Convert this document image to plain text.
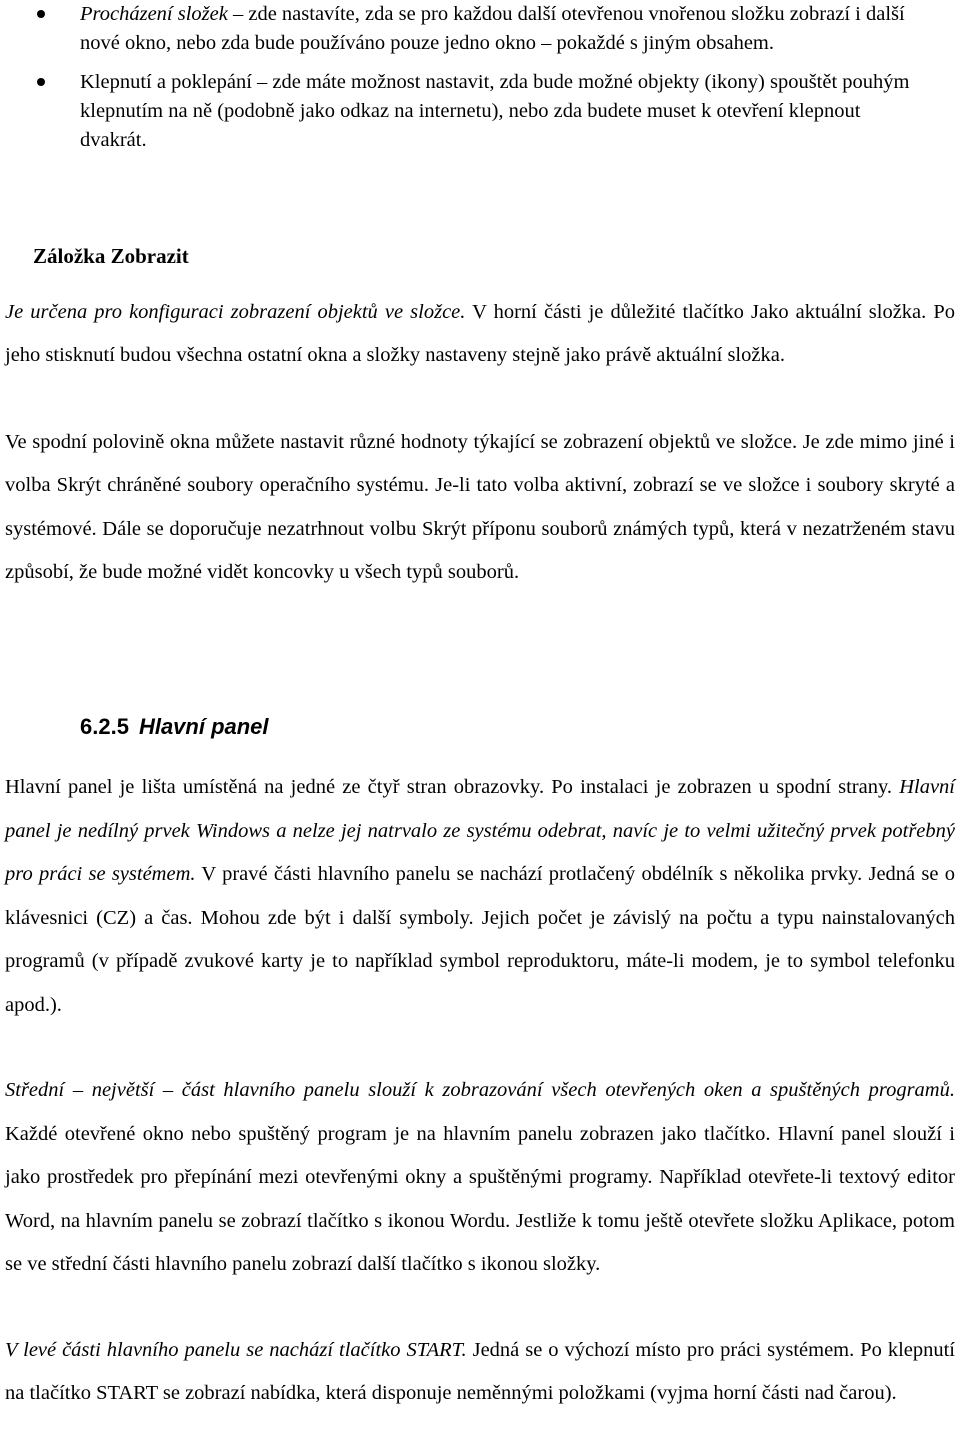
Procházení složek – zde nastavíte, zda se pro každou další otevřenou vnořenou složku zobrazí i další nové okno, nebo zda bude používáno pouze jedno okno – pokaždé s jiným obsahem.
Klepnutí a poklepání – zde máte možnost nastavit, zda bude možné objekty (ikony) spouštět pouhým klepnutím na ně (podobně jako odkaz na internetu), nebo zda budete muset k otevření klepnout dvakrát.
Záložka Zobrazit

Je určena pro konfiguraci zobrazení objektů ve složce. V horní části je důležité tlačítko Jako aktuální složka. Po jeho stisknutí budou všechna ostatní okna a složky nastaveny stejně jako právě aktuální složka.

Ve spodní polovině okna můžete nastavit různé hodnoty týkající se zobrazení objektů ve složce. Je zde mimo jiné i volba Skrýt chráněné soubory operačního systému. Je-li tato volba aktivní, zobrazí se ve složce i soubory skryté a systémové. Dále se doporučuje nezatrhnout volbu Skrýt příponu souborů známých typů, která v nezatrženém stavu způsobí, že bude možné vidět koncovky u všech typů souborů.

6.2.5 Hlavní panel

Hlavní panel je lišta umístěná na jedné ze čtyř stran obrazovky. Po instalaci je zobrazen u spodní strany. Hlavní panel je nedílný prvek Windows a nelze jej natrvalo ze systému odebrat, navíc je to velmi užitečný prvek potřebný pro práci se systémem. V pravé části hlavního panelu se nachází protlačený obdélník s několika prvky. Jedná se o klávesnici (CZ) a čas. Mohou zde být i další symboly. Jejich počet je závislý na počtu a typu nainstalovaných programů (v případě zvukové karty je to například symbol reproduktoru, máte-li modem, je to symbol telefonku apod.).

Střední – největší – část hlavního panelu slouží k zobrazování všech otevřených oken a spuštěných programů. Každé otevřené okno nebo spuštěný program je na hlavním panelu zobrazen jako tlačítko. Hlavní panel slouží i jako prostředek pro přepínání mezi otevřenými okny a spuštěnými programy. Například otevřete-li textový editor Word, na hlavním panelu se zobrazí tlačítko s ikonou Wordu. Jestliže k tomu ještě otevřete složku Aplikace, potom se ve střední části hlavního panelu zobrazí další tlačítko s ikonou složky.

V levé části hlavního panelu se nachází tlačítko START. Jedná se o výchozí místo pro práci systémem. Po klepnutí na tlačítko START se zobrazí nabídka, která disponuje neměnnými položkami (vyjma horní části nad čarou).
